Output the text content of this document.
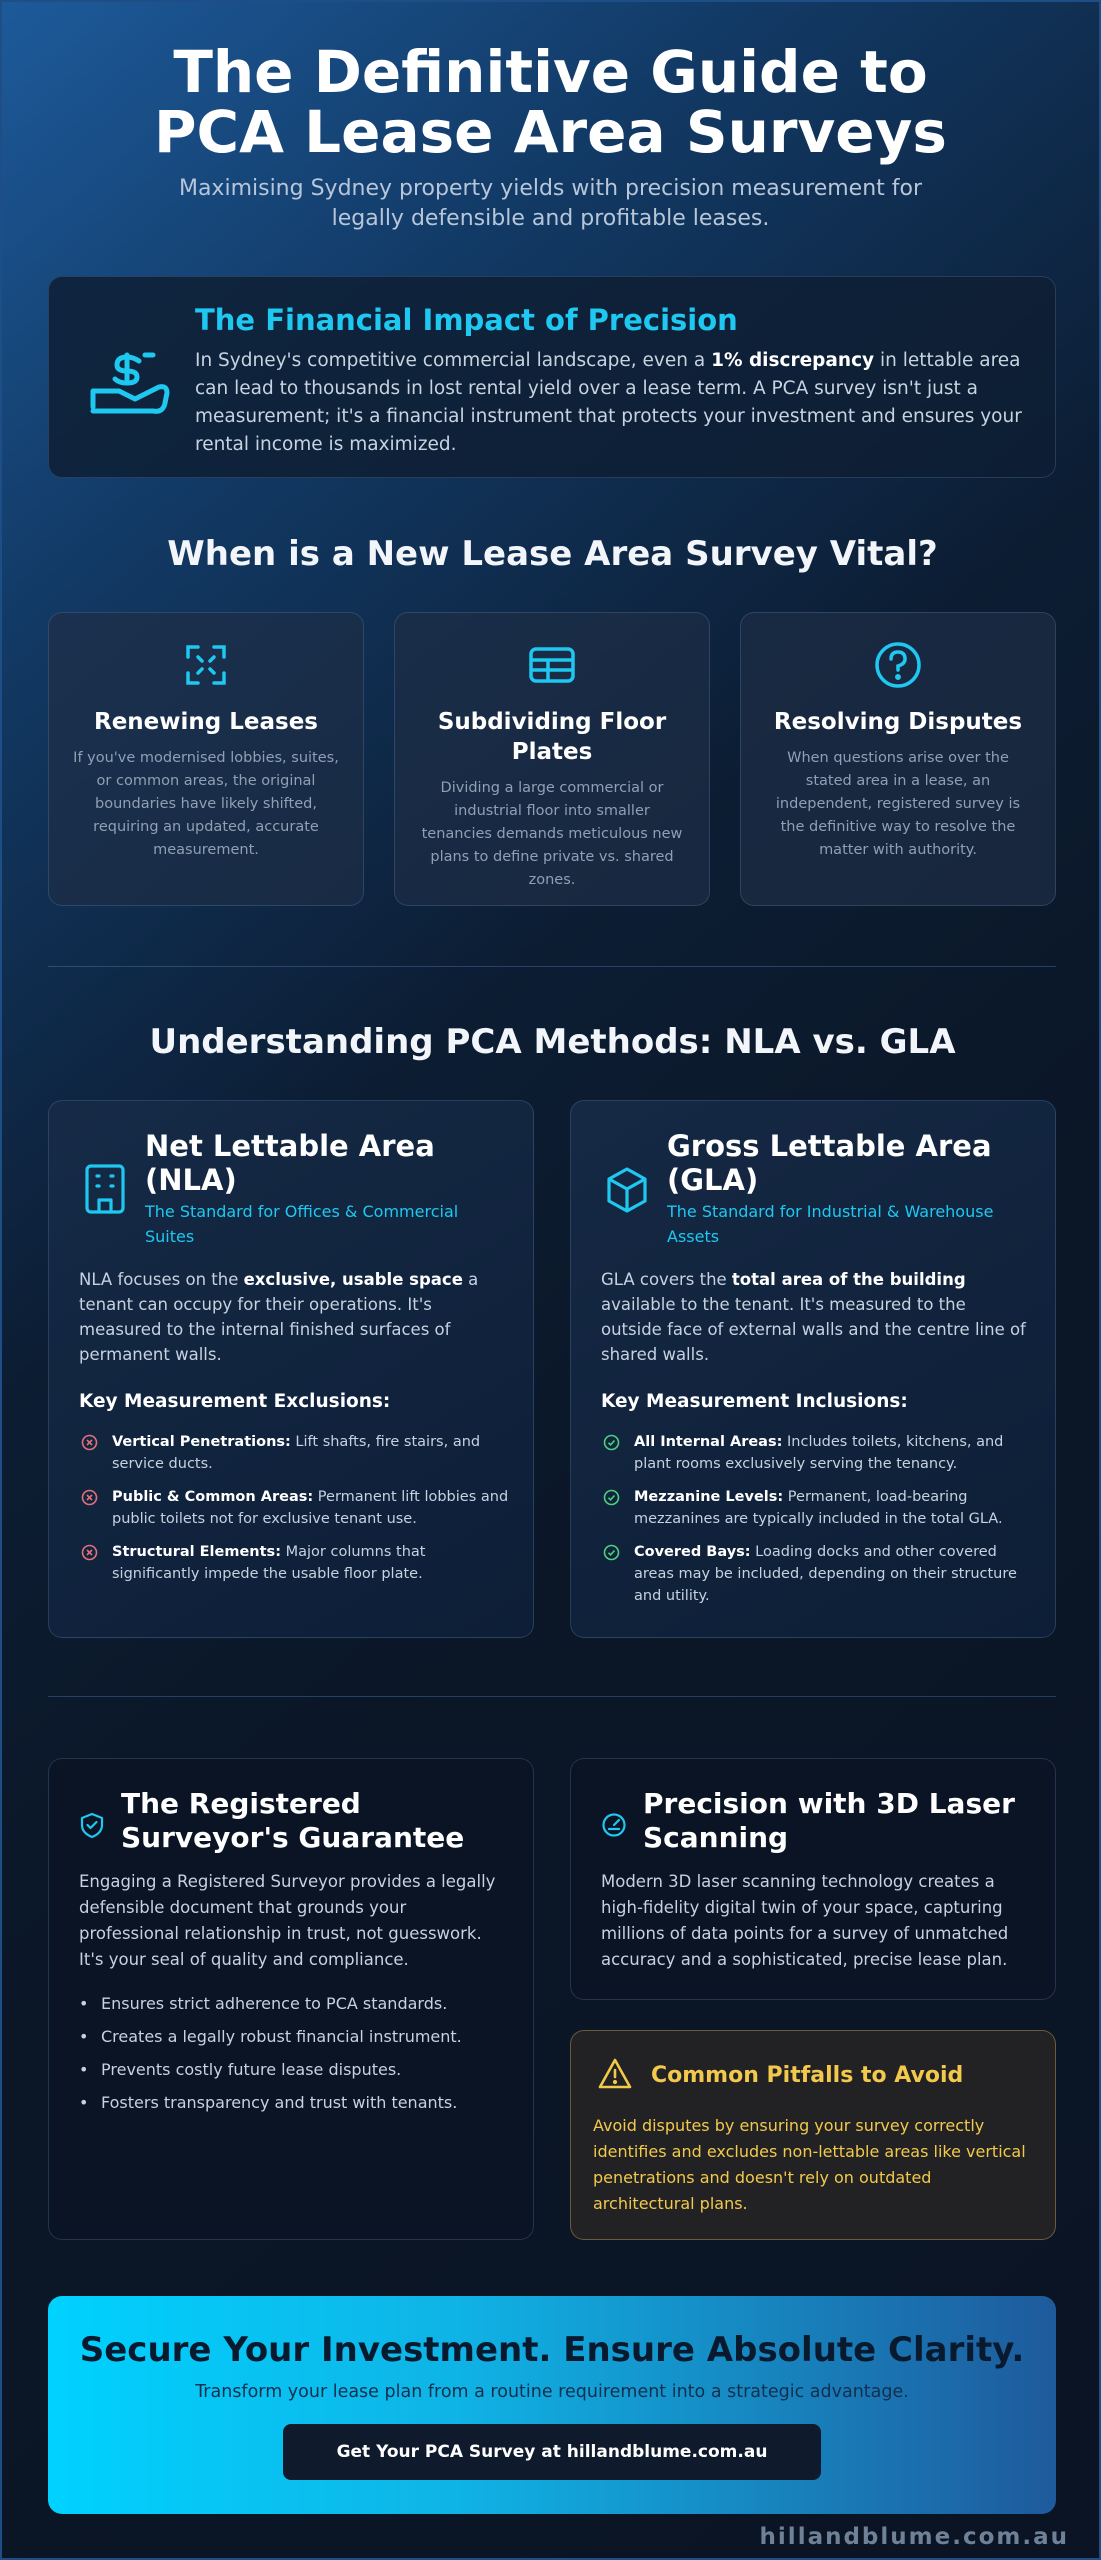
The Definitive Guide to PCA Lease Area Surveys

Maximising Sydney property yields with precision measurement for legally defensible and profitable leases.

The Financial Impact of Precision

In Sydney's competitive commercial landscape, even a 1% discrepancy in lettable area can lead to thousands in lost rental yield over a lease term. A PCA survey isn't just a measurement; it's a financial instrument that protects your investment and ensures your rental income is maximized.

When is a New Lease Area Survey Vital?
Renewing Leases

If you've modernised lobbies, suites, or common areas, the original boundaries have likely shifted, requiring an updated, accurate measurement.

Subdividing Floor Plates

Dividing a large commercial or industrial floor into smaller tenancies demands meticulous new plans to define private vs. shared zones.

Resolving Disputes

When questions arise over the stated area in a lease, an independent, registered survey is the definitive way to resolve the matter with authority.

Understanding PCA Methods: NLA vs. GLA
Net Lettable Area (NLA)
The Standard for Offices & Commercial Suites

NLA focuses on the exclusive, usable space a tenant can occupy for their operations. It's measured to the internal finished surfaces of permanent walls.

Key Measurement Exclusions:
Vertical Penetrations: Lift shafts, fire stairs, and service ducts.
Public & Common Areas: Permanent lift lobbies and public toilets not for exclusive tenant use.
Structural Elements: Major columns that significantly impede the usable floor plate.
Gross Lettable Area (GLA)
The Standard for Industrial & Warehouse Assets

GLA covers the total area of the building available to the tenant. It's measured to the outside face of external walls and the centre line of shared walls.

Key Measurement Inclusions:
All Internal Areas: Includes toilets, kitchens, and plant rooms exclusively serving the tenancy.
Mezzanine Levels: Permanent, load-bearing mezzanines are typically included in the total GLA.
Covered Bays: Loading docks and other covered areas may be included, depending on their structure and utility.
The Registered Surveyor's Guarantee

Engaging a Registered Surveyor provides a legally defensible document that grounds your professional relationship in trust, not guesswork. It's your seal of quality and compliance.

• Ensures strict adherence to PCA standards.
• Creates a legally robust financial instrument.
• Prevents costly future lease disputes.
• Fosters transparency and trust with tenants.
Precision with 3D Laser Scanning

Modern 3D laser scanning technology creates a high-fidelity digital twin of your space, capturing millions of data points for a survey of unmatched accuracy and a sophisticated, precise lease plan.

Common Pitfalls to Avoid

Avoid disputes by ensuring your survey correctly identifies and excludes non-lettable areas like vertical penetrations and doesn't rely on outdated architectural plans.

Secure Your Investment. Ensure Absolute Clarity.

Transform your lease plan from a routine requirement into a strategic advantage.

Get Your PCA Survey at hillandblume.com.au
hillandblume.com.au
